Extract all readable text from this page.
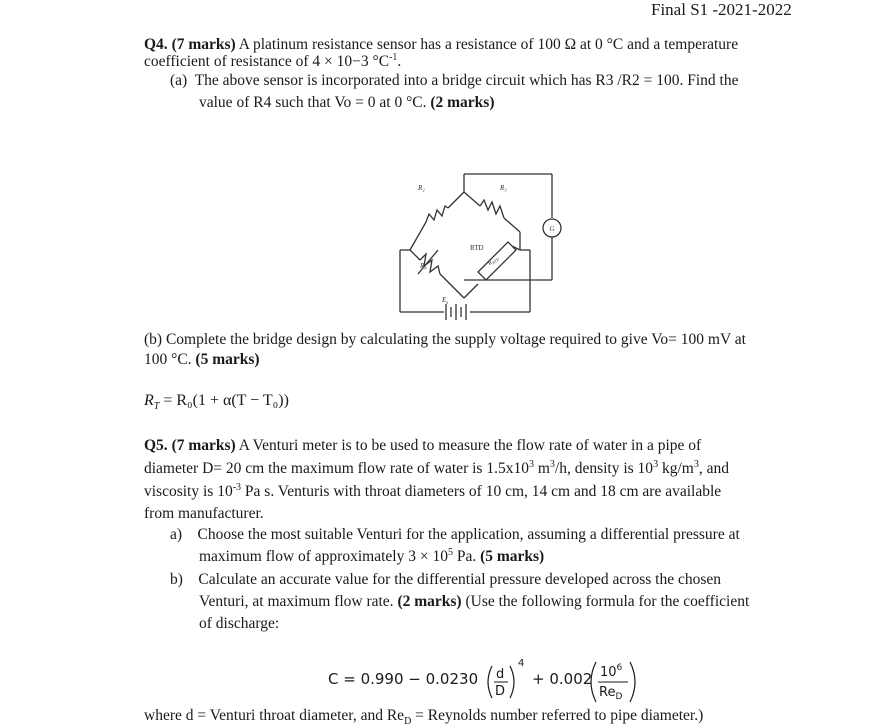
Final S1 -2021-2022
Q4. (7 marks) A platinum resistance sensor has a resistance of 100 Ω at 0 °C and a temperature
coefficient of resistance of 4 × 10−3 $^\circ C^{-1}$.
(a) The above sensor is incorporated into a bridge circuit which has R3 /R2 = 100. Find the
value of R4 such that Vo = 0 at 0 °C. (2 marks)
R₂	R₃
R₄
G
RTD
$R_{RTD}$
$E_s$
(b) Complete the bridge design by calculating the supply voltage required to give Vo= 100 mV at
100 °C. (5 marks)
$R_T = R_0(1 + \alpha(T - T_0))$
Q5. (7 marks) A Venturi meter is to be used to measure the flow rate of water in a pipe of
diameter D= 20 cm the maximum flow rate of water is $1.5x10^3$ $m^3/h$, density is $10^3$ $kg/m^3$, and
viscosity is $10^{-3}$ Pa s. Venturis with throat diameters of 10 cm, 14 cm and 18 cm are available
from manufacturer.
a) Choose the most suitable Venturi for the application, assuming a differential pressure at
maximum flow of approximately $3 \times 10^5$ Pa. (5 marks)
b) Calculate an accurate value for the differential pressure developed across the chosen
Venturi, at maximum flow rate. (2 marks) (Use the following formula for the coefficient
of discharge:
C = 0.990 − 0.0230 d
D
4
+ 0.002 $10^6$
$Re_D$
where d = Venturi throat diameter, and $Re_D$ = Reynolds number referred to pipe diameter.)
